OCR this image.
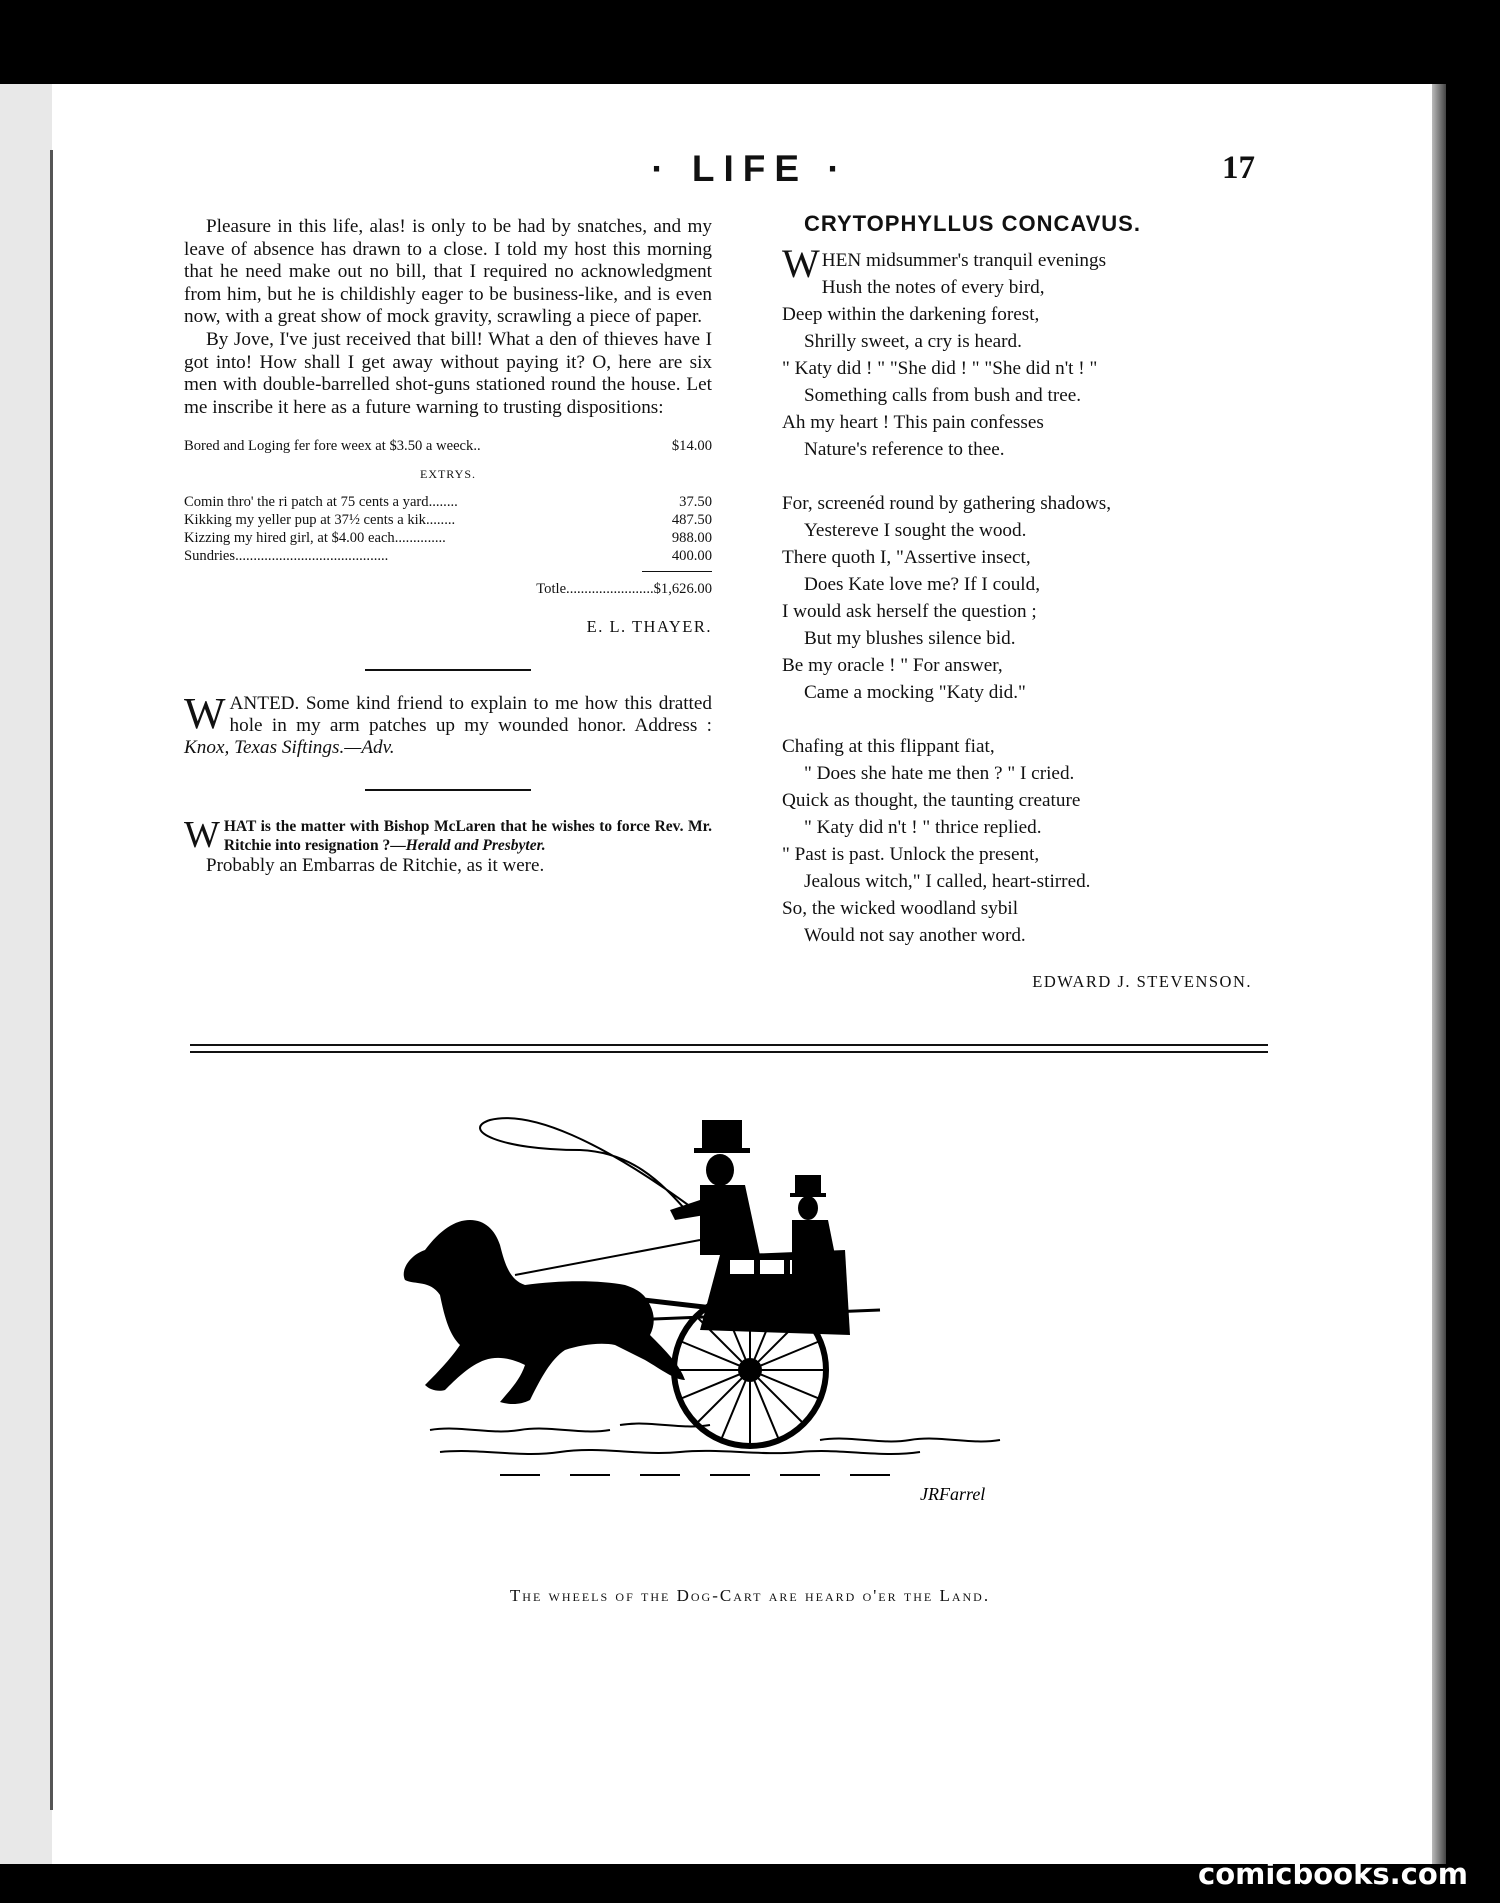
· LIFE ·	17

Pleasure in this life, alas! is only to be had by snatches, and my leave of absence has drawn to a close. I told my host this morning that he need make out no bill, that I required no acknowledgment from him, but he is childishly eager to be business-like, and is even now, with a great show of mock gravity, scrawling a piece of paper.

By Jove, I've just received that bill! What a den of thieves have I got into! How shall I get away without paying it? O, here are six men with double-barrelled shot-guns stationed round the house. Let me inscribe it here as a future warning to trusting dispositions:

Bored and Loging fer fore weex at $3.50 a weeck..	$14.00
EXTRYS.
Comin thro' the ri patch at 75 cents a yard........	37.50
Kikking my yeller pup at 37½ cents a kik........	487.50
Kizzing my hired girl, at $4.00 each..............	988.00
Sundries..........................................	400.00
Totle........................ $1,626.00
E. L. THAYER.
WANTED. Some kind friend to explain to me how this dratted hole in my arm patches up my wounded honor. Address : Knox, Texas Siftings.—Adv.
WHAT is the matter with Bishop McLaren that he wishes to force Rev. Mr. Ritchie into resignation ?—Herald and Presbyter.

Probably an Embarras de Ritchie, as it were.

CRYTOPHYLLUS CONCAVUS.
WHEN midsummer's tranquil evenings
Hush the notes of every bird,
Deep within the darkening forest,
Shrilly sweet, a cry is heard.
" Katy did ! " "She did ! " "She did n't ! "
Something calls from bush and tree.
Ah my heart ! This pain confesses
Nature's reference to thee.
For, screenéd round by gathering shadows,
Yestereve I sought the wood.
There quoth I, "Assertive insect,
Does Kate love me? If I could,
I would ask herself the question ;
But my blushes silence bid.
Be my oracle ! " For answer,
Came a mocking "Katy did."
Chafing at this flippant fiat,
" Does she hate me then ? " I cried.
Quick as thought, the taunting creature
" Katy did n't ! " thrice replied.
" Past is past. Unlock the present,
Jealous witch," I called, heart-stirred.
So, the wicked woodland sybil
Would not say another word.
EDWARD J. STEVENSON.
JRFarrel
The wheels of the Dog-Cart are heard o'er the Land.
comicbooks.com
